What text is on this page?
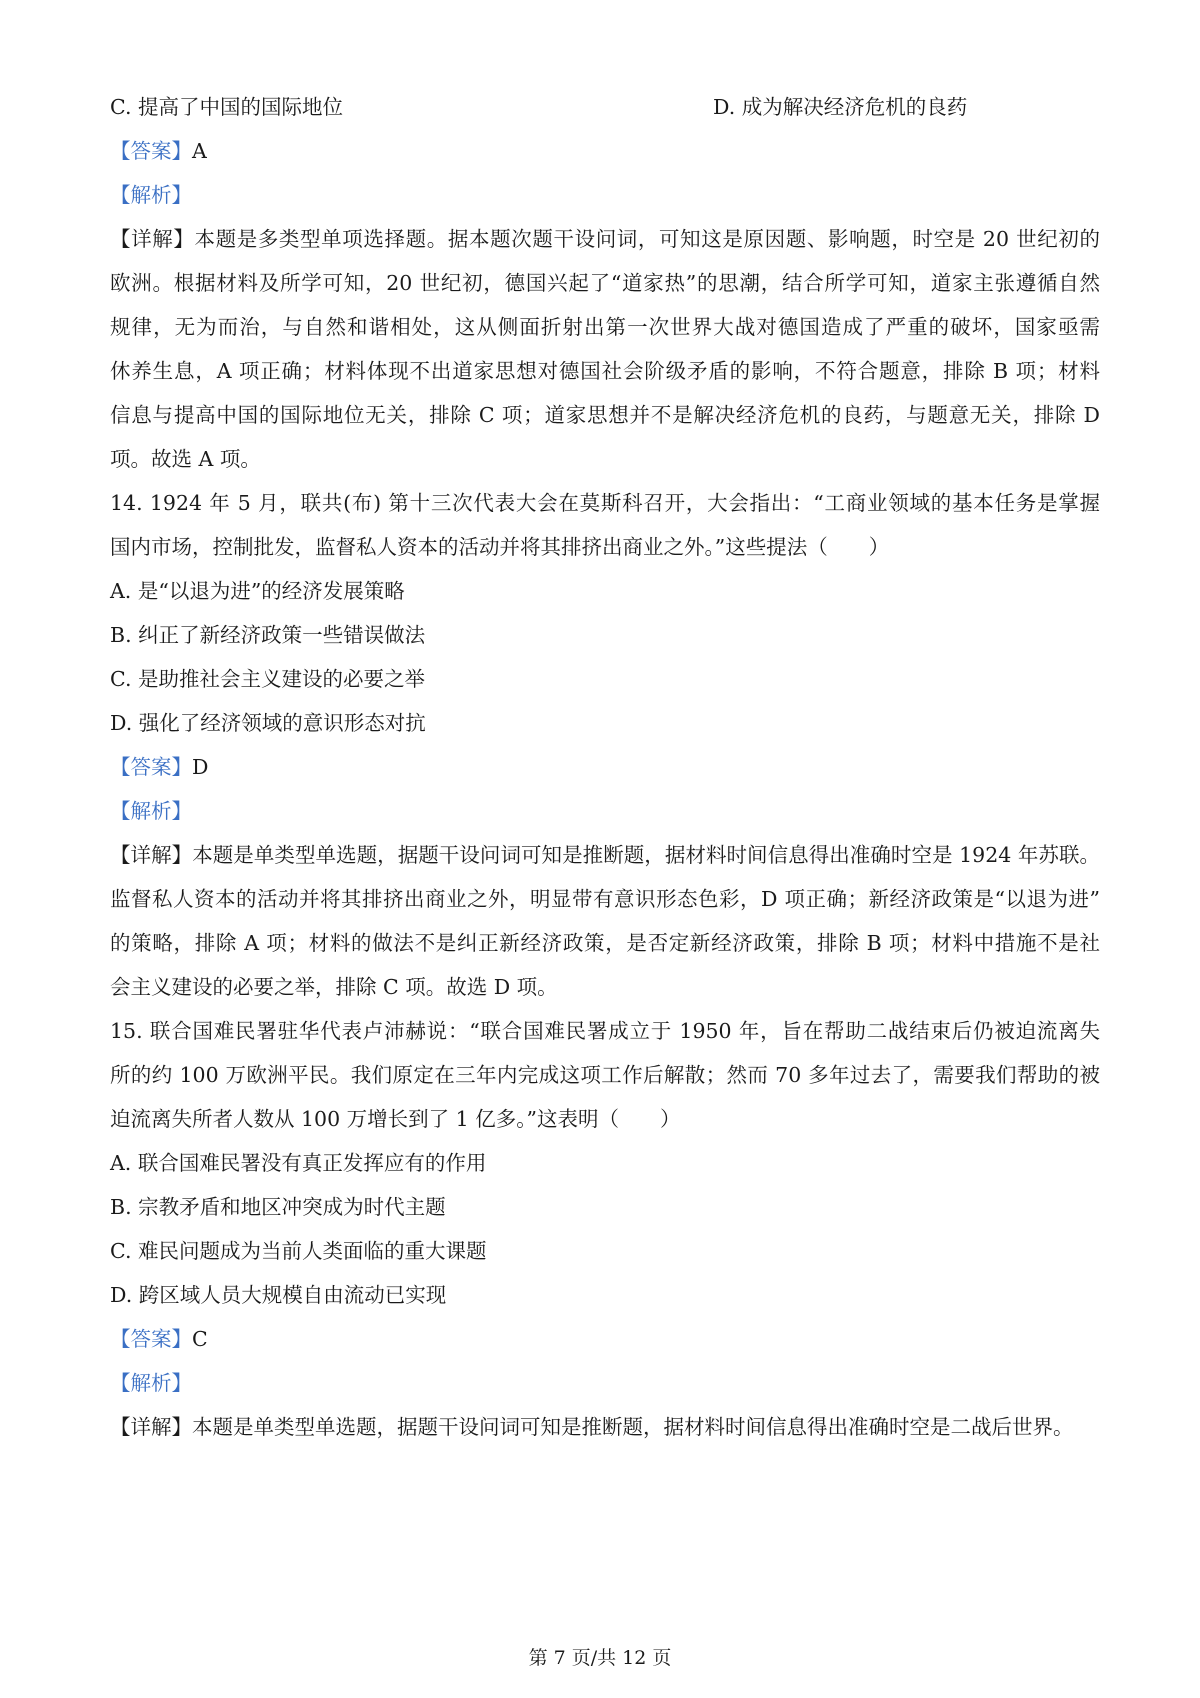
C. 提高了中国的国际地位	D. 成为解决经济危机的良药
【答案】A
【解析】
【详解】本题是多类型单项选择题。据本题次题干设问词，可知这是原因题、影响题，时空是 20 世纪初的
欧洲。根据材料及所学可知，20 世纪初，德国兴起了“道家热”的思潮，结合所学可知，道家主张遵循自然
规律，无为而治，与自然和谐相处，这从侧面折射出第一次世界大战对德国造成了严重的破坏，国家亟需
休养生息，A 项正确；材料体现不出道家思想对德国社会阶级矛盾的影响，不符合题意，排除 B 项；材料
信息与提高中国的国际地位无关，排除 C 项；道家思想并不是解决经济危机的良药，与题意无关，排除 D
项。故选 A 项。
14. 1924 年 5 月，联共(布) 第十三次代表大会在莫斯科召开，大会指出：“工商业领域的基本任务是掌握
国内市场，控制批发，监督私人资本的活动并将其排挤出商业之外。”这些提法（　　）
A. 是“以退为进”的经济发展策略
B. 纠正了新经济政策一些错误做法
C. 是助推社会主义建设的必要之举
D. 强化了经济领域的意识形态对抗
【答案】D
【解析】
【详解】本题是单类型单选题，据题干设问词可知是推断题，据材料时间信息得出准确时空是 1924 年苏联。
监督私人资本的活动并将其排挤出商业之外，明显带有意识形态色彩，D 项正确；新经济政策是“以退为进”
的策略，排除 A 项；材料的做法不是纠正新经济政策，是否定新经济政策，排除 B 项；材料中措施不是社
会主义建设的必要之举，排除 C 项。故选 D 项。
15. 联合国难民署驻华代表卢沛赫说：“联合国难民署成立于 1950 年，旨在帮助二战结束后仍被迫流离失
所的约 100 万欧洲平民。我们原定在三年内完成这项工作后解散；然而 70 多年过去了，需要我们帮助的被
迫流离失所者人数从 100 万增长到了 1 亿多。”这表明（　　）
A. 联合国难民署没有真正发挥应有的作用
B. 宗教矛盾和地区冲突成为时代主题
C. 难民问题成为当前人类面临的重大课题
D. 跨区域人员大规模自由流动已实现
【答案】C
【解析】
【详解】本题是单类型单选题，据题干设问词可知是推断题，据材料时间信息得出准确时空是二战后世界。
第 7 页/共 12 页
